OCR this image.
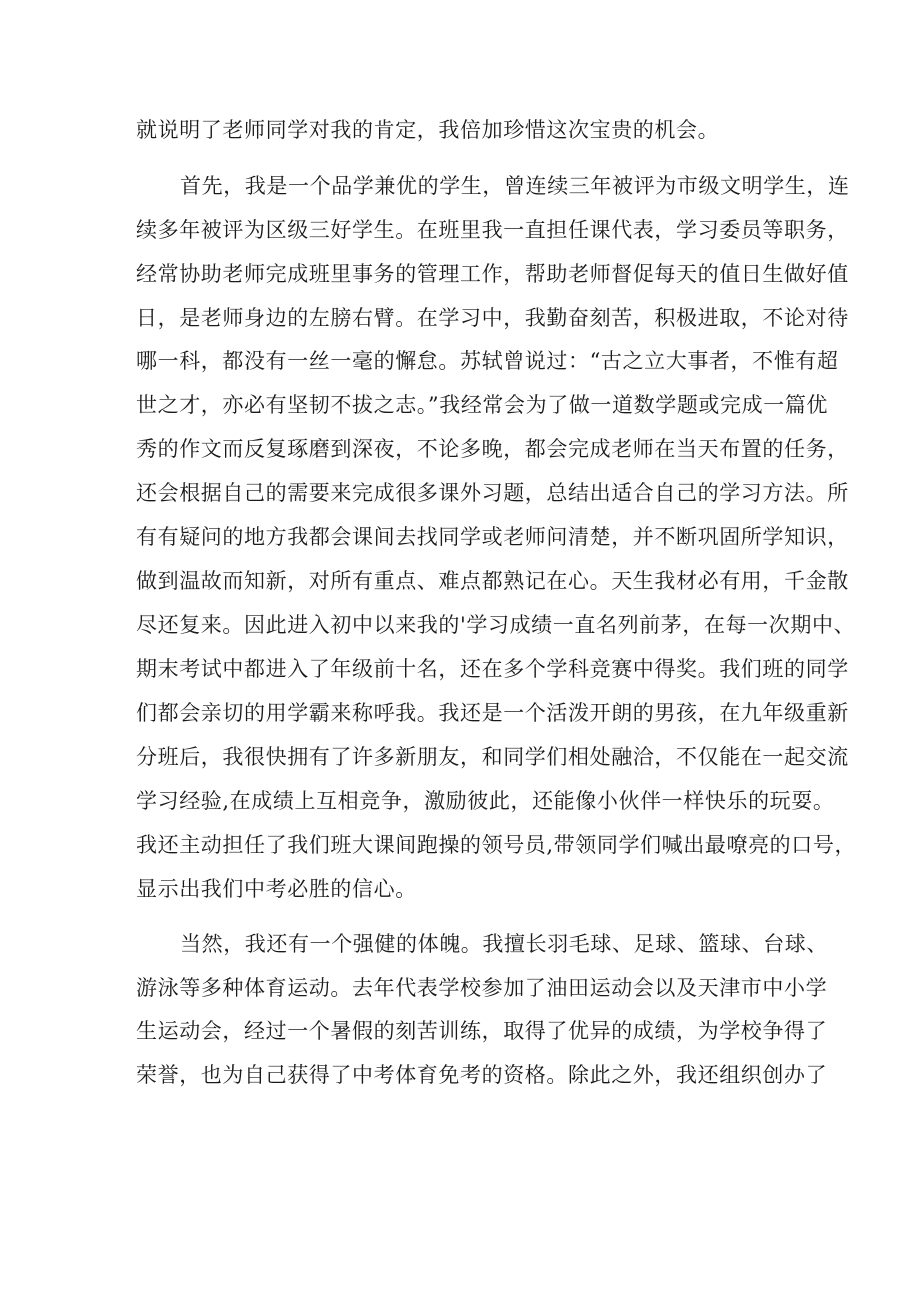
就说明了老师同学对我的肯定，我倍加珍惜这次宝贵的机会。
首先，我是一个品学兼优的学生，曾连续三年被评为市级文明学生，连
续多年被评为区级三好学生。在班里我一直担任课代表，学习委员等职务，
经常协助老师完成班里事务的管理工作，帮助老师督促每天的值日生做好值
日，是老师身边的左膀右臂。在学习中，我勤奋刻苦，积极进取，不论对待
哪一科，都没有一丝一毫的懈怠。苏轼曾说过：“古之立大事者，不惟有超
世之才，亦必有坚韧不拔之志。”我经常会为了做一道数学题或完成一篇优
秀的作文而反复琢磨到深夜，不论多晚，都会完成老师在当天布置的任务，
还会根据自己的需要来完成很多课外习题，总结出适合自己的学习方法。所
有有疑问的地方我都会课间去找同学或老师问清楚，并不断巩固所学知识，
做到温故而知新，对所有重点、难点都熟记在心。天生我材必有用，千金散
尽还复来。因此进入初中以来我的'学习成绩一直名列前茅，在每一次期中、
期末考试中都进入了年级前十名，还在多个学科竞赛中得奖。我们班的同学
们都会亲切的用学霸来称呼我。我还是一个活泼开朗的男孩，在九年级重新
分班后，我很快拥有了许多新朋友，和同学们相处融洽，不仅能在一起交流
学习经验,在成绩上互相竞争，激励彼此，还能像小伙伴一样快乐的玩耍。
我还主动担任了我们班大课间跑操的领号员,带领同学们喊出最嘹亮的口号，
显示出我们中考必胜的信心。
当然，我还有一个强健的体魄。我擅长羽毛球、足球、篮球、台球、
游泳等多种体育运动。去年代表学校参加了油田运动会以及天津市中小学
生运动会，经过一个暑假的刻苦训练，取得了优异的成绩，为学校争得了
荣誉，也为自己获得了中考体育免考的资格。除此之外，我还组织创办了
